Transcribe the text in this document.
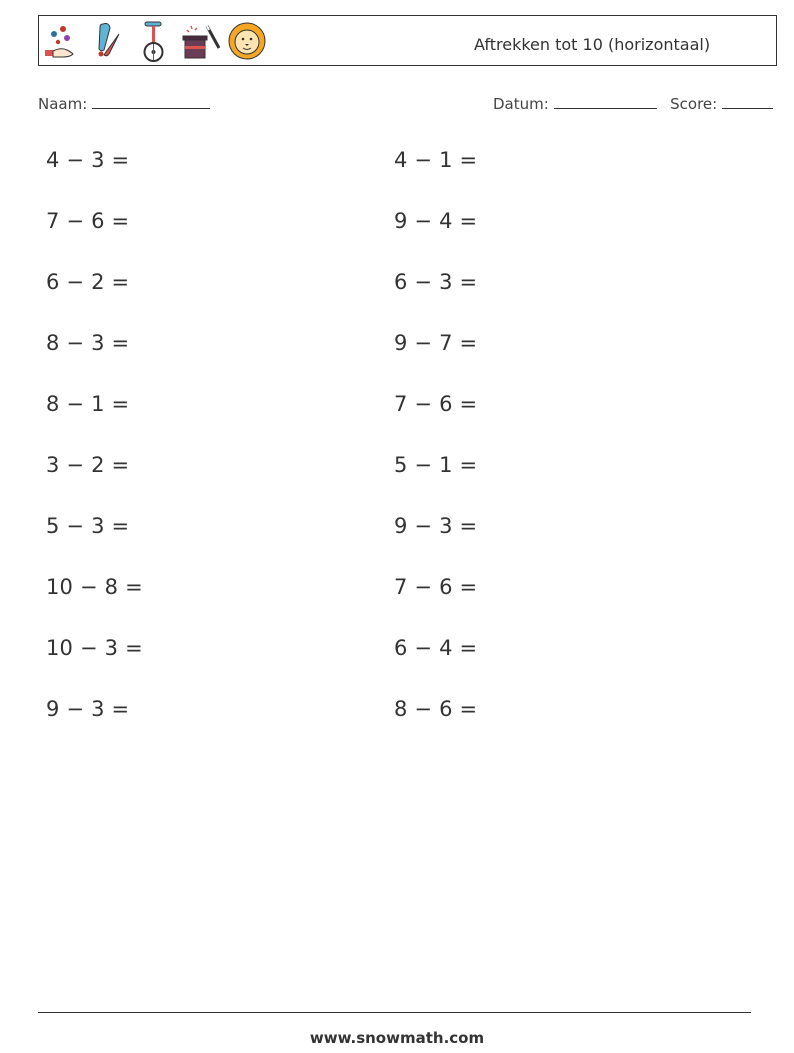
Aftrekken tot 10 (horizontaal)
Naam:	Datum:	Score:
4 − 3 =
7 − 6 =
6 − 2 =
8 − 3 =
8 − 1 =
3 − 2 =
5 − 3 =
10 − 8 =
10 − 3 =
9 − 3 =
4 − 1 =
9 − 4 =
6 − 3 =
9 − 7 =
7 − 6 =
5 − 1 =
9 − 3 =
7 − 6 =
6 − 4 =
8 − 6 =
www.snowmath.com
